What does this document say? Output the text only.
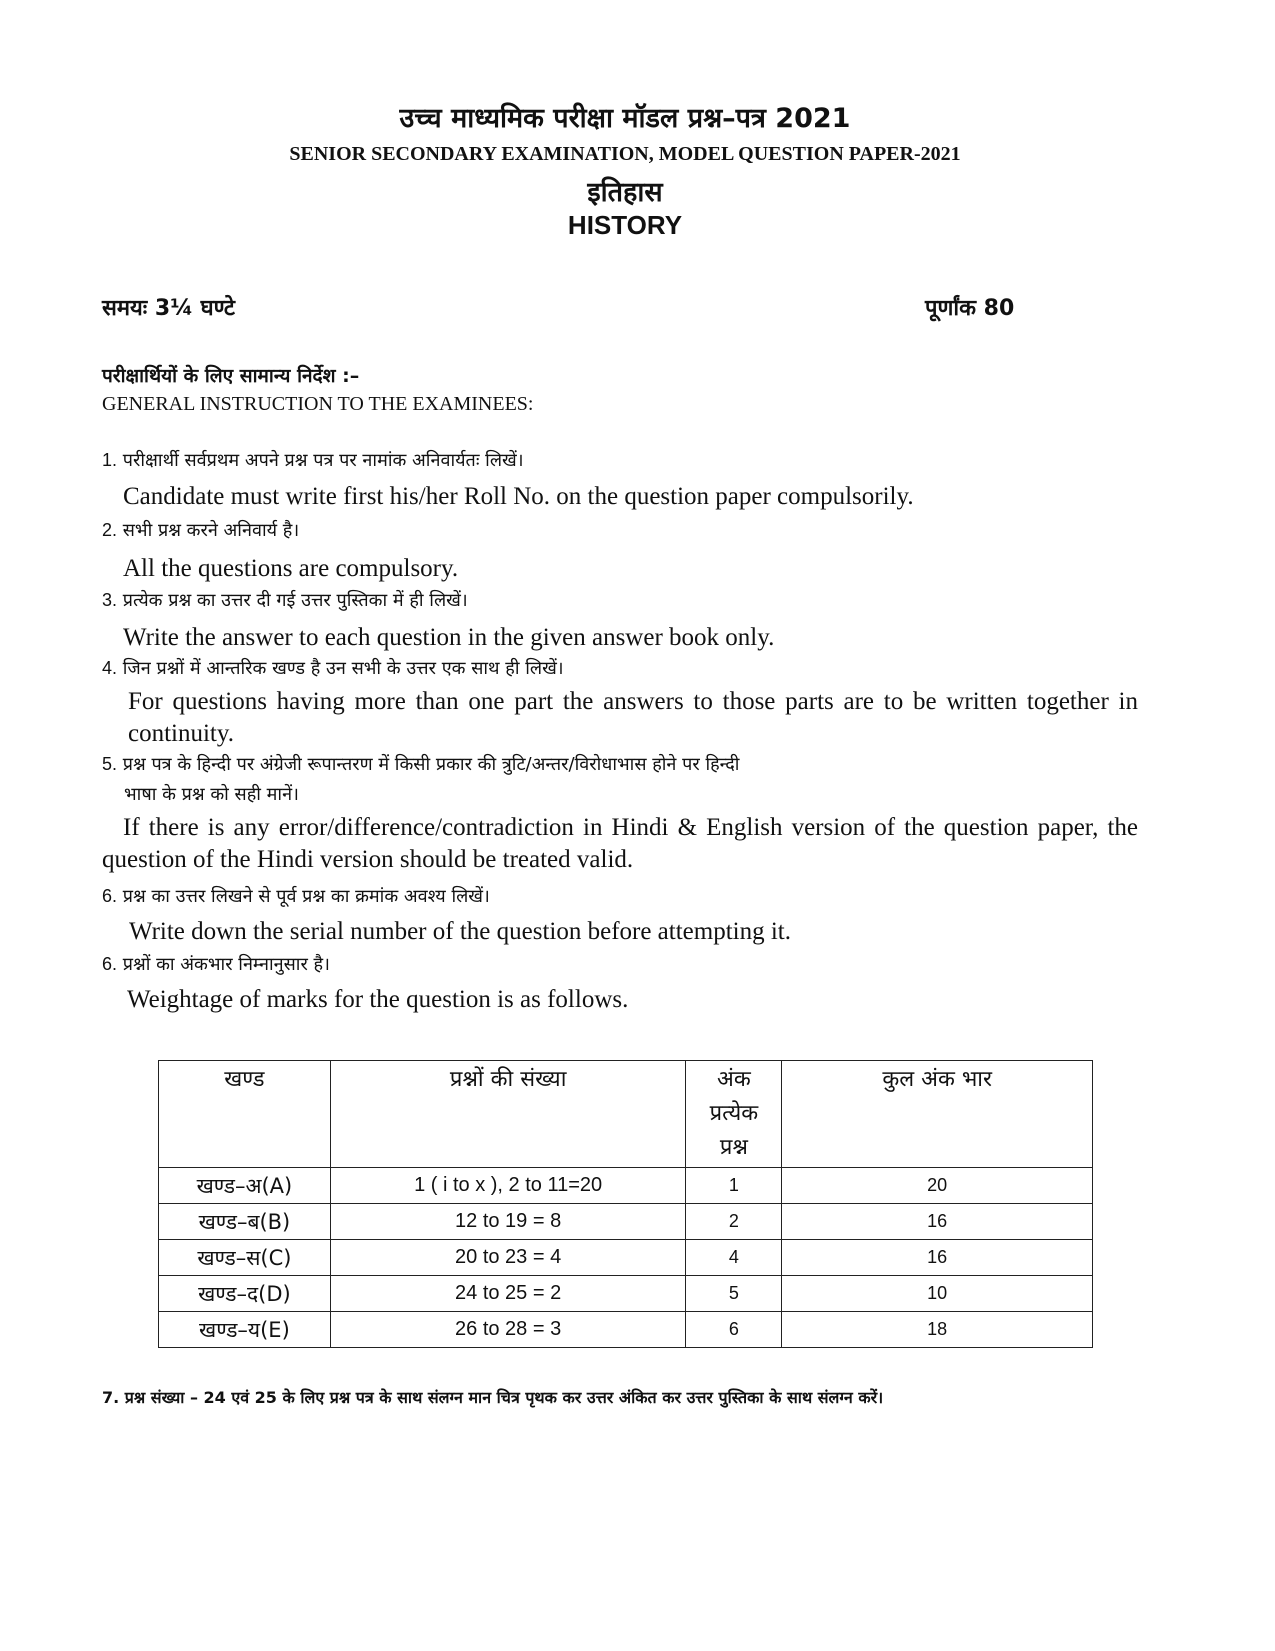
उच्च माध्यमिक परीक्षा मॉडल प्रश्न–पत्र 2021
SENIOR SECONDARY EXAMINATION, MODEL QUESTION PAPER-2021
इतिहास
HISTORY
समयः 3¼ घण्टे	पूर्णांक 80
परीक्षार्थियों के लिए सामान्य निर्देश :–
GENERAL INSTRUCTION TO THE EXAMINEES:
1. परीक्षार्थी सर्वप्रथम अपने प्रश्न पत्र पर नामांक अनिवार्यतः लिखें।
Candidate must write first his/her Roll No. on the question paper compulsorily.
2. सभी प्रश्न करने अनिवार्य है।
All the questions are compulsory.
3. प्रत्येक प्रश्न का उत्तर दी गई उत्तर पुस्तिका में ही लिखें।
Write the answer to each question in the given answer book only.
4. जिन प्रश्नों में आन्तरिक खण्ड है उन सभी के उत्तर एक साथ ही लिखें।
For questions having more than one part the answers to those parts are to be written together in continuity.
5. प्रश्न पत्र के हिन्दी पर अंग्रेजी रूपान्तरण में किसी प्रकार की त्रुटि/अन्तर/विरोधाभास होने पर हिन्दी
भाषा के प्रश्न को सही मानें।
If there is any error/difference/contradiction in Hindi & English version of the question paper, the question of the Hindi version should be treated valid.
6. प्रश्न का उत्तर लिखने से पूर्व प्रश्न का क्रमांक अवश्य लिखें।
Write down the serial number of the question before attempting it.
6. प्रश्नों का अंकभार निम्नानुसार है।
Weightage of marks for the question is as follows.
खण्ड	प्रश्नों की संख्या	अंक
प्रत्येक
प्रश्न	कुल अंक भार
खण्ड–अ(A)	1 ( i to x ), 2 to 11=20	1	20
खण्ड–ब(B)	12 to 19 = 8	2	16
खण्ड–स(C)	20 to 23 = 4	4	16
खण्ड–द(D)	24 to 25 = 2	5	10
खण्ड–य(E)	26 to 28 = 3	6	18
7. प्रश्न संख्या – 24 एवं 25 के लिए प्रश्न पत्र के साथ संलग्न मान चित्र पृथक कर उत्तर अंकित कर उत्तर पुस्तिका के साथ संलग्न करें।
